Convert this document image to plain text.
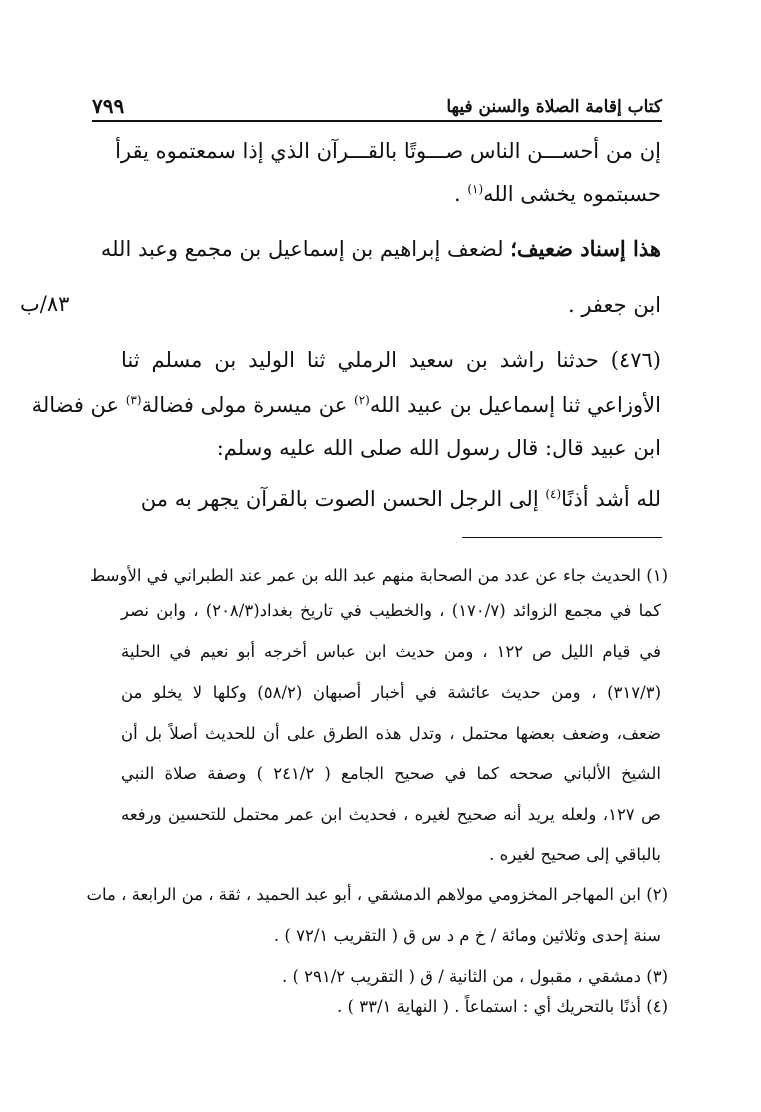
٧٩٩	كتاب إقامة الصلاة والسنن فيها
٨٣/ب
إن من أحســـن الناس صـــوتًا بالقـــرآن الذي إذا سمعتموه يقرأ
حسبتموه يخشى الله$^{(١)}$ .
هذا إسناد ضعيف؛ لضعف إبراهيم بن إسماعيل بن مجمع وعبد الله
ابن جعفر .
(٤٧٦) حدثنا راشد بن سعيد الرملي ثنا الوليد بن مسلم ثنا
الأوزاعي ثنا إسماعيل بن عبيد الله$^{(٢)}$ عن ميسرة مولى فضالة$^{(٣)}$ عن فضالة
ابن عبيد قال: قال رسول الله صلى الله عليه وسلم:
لله أشد أذنًا$^{(٤)}$ إلى الرجل الحسن الصوت بالقرآن يجهر به من
(١) الحديث جاء عن عدد من الصحابة منهم عبد الله بن عمر عند الطبراني في الأوسط
كما في مجمع الزوائد (١٧٠/٧) ، والخطيب في تاريخ بغداد(٢٠٨/٣) ، وابن نصر
في قيام الليل ص ١٢٢ ، ومن حديث ابن عباس أخرجه أبو نعيم في الحلية
(٣١٧/٣) ، ومن حديث عائشة في أخبار أصبهان (٥٨/٢) وكلها لا يخلو من
ضعف، وضعف بعضها محتمل ، وتدل هذه الطرق على أن للحديث أصلاً بل أن
الشيخ الألباني صححه كما في صحيح الجامع ( ٢٤١/٢ ) وصفة صلاة النبي
ص ١٢٧، ولعله يريد أنه صحيح لغيره ، فحديث ابن عمر محتمل للتحسين ورفعه
بالباقي إلى صحيح لغيره .
(٢) ابن المهاجر المخزومي مولاهم الدمشقي ، أبو عبد الحميد ، ثقة ، من الرابعة ، مات
سنة إحدى وثلاثين ومائة / خ م د س ق ( التقريب ٧٢/١ ) .
(٣) دمشقي ، مقبول ، من الثانية / ق ( التقريب ٢٩١/٢ ) .
(٤) أذنًا بالتحريك أي : استماعاً . ( النهاية ٣٣/١ ) .
